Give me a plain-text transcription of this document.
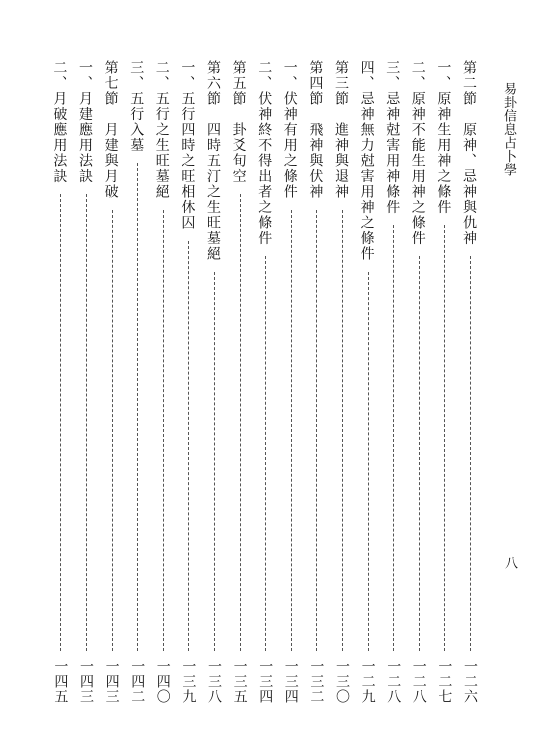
易卦信息占卜學
八
第二節　原神、忌神與仇神
一二六
一、原神生用神之條件
一二七
二、原神不能生用神之條件
一二八
三、忌神尅害用神條件
一二八
四、忌神無力尅害用神之條件
一二九
第三節　進神與退神
一三〇
第四節　飛神與伏神
一三二
一、伏神有用之條件
一三四
二、伏神終不得出者之條件
一三四
第五節　卦爻旬空
一三五
第六節　四時五汀之生旺墓絕
一三八
一、五行四時之旺相休囚
一三九
二、五行之生旺墓絕
一四〇
三、五行入墓
一四二
第七節　月建與月破
一四三
一、月建應用法訣
一四三
二、月破應用法訣
一四五
